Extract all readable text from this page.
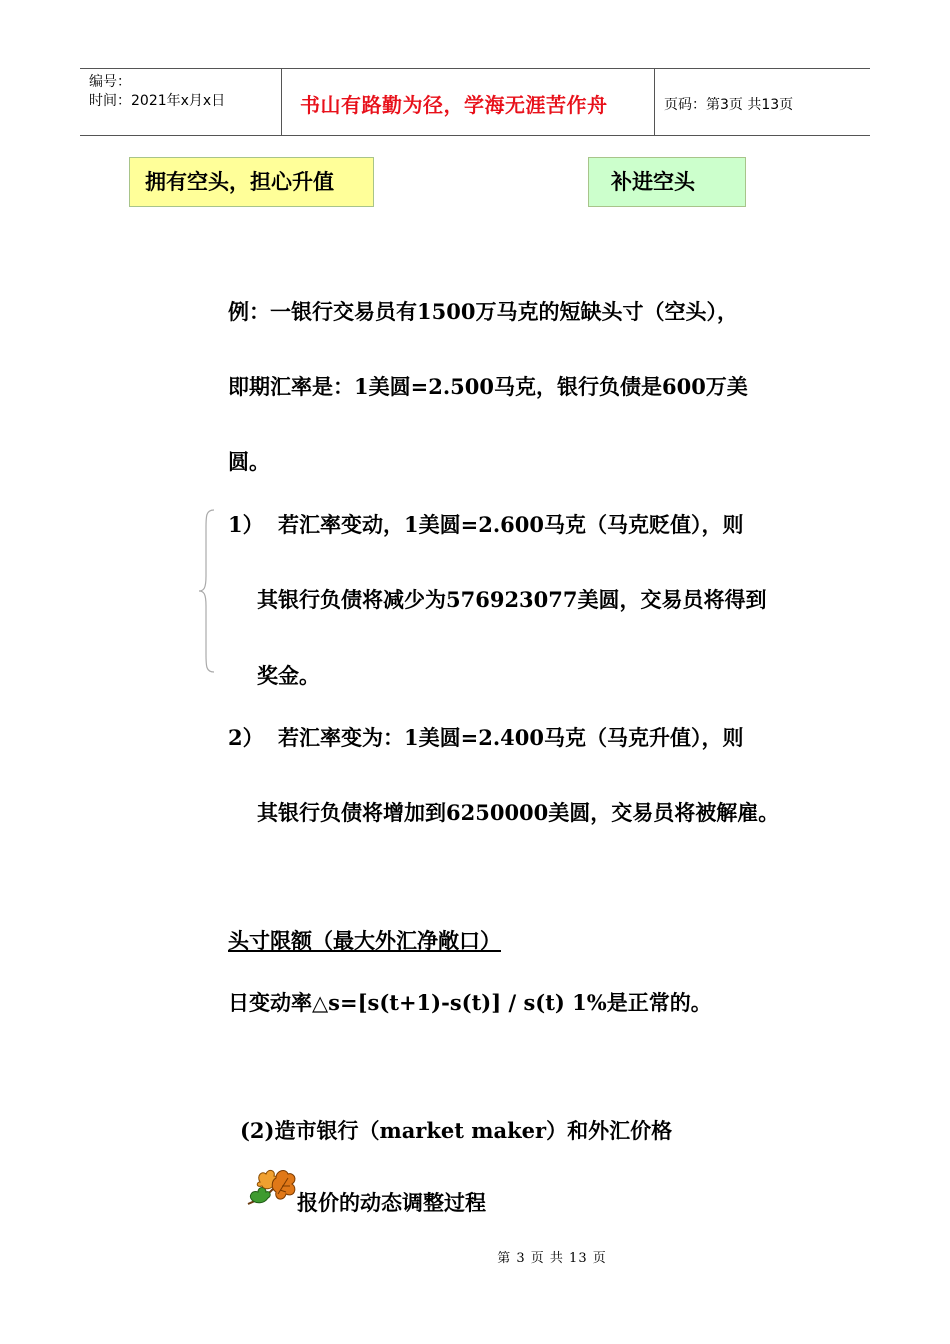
编号：
时间：2021年x月x日	书山有路勤为径，学海无涯苦作舟	页码：第3页 共13页
拥有空头，担心升值	补进空头
例：一银行交易员有1500万马克的短缺头寸（空头），
即期汇率是：1美圆=2.500马克，银行负债是600万美
圆。
1） 若汇率变动，1美圆=2.600马克（马克贬值），则
其银行负债将减少为576923077美圆，交易员将得到
奖金。
2） 若汇率变为：1美圆=2.400马克（马克升值），则
其银行负债将增加到6250000美圆，交易员将被解雇。
头寸限额（最大外汇净敞口）
日变动率△s=[s(t+1)-s(t)] / s(t) 1%是正常的。
(2)造市银行（market maker）和外汇价格
报价的动态调整过程
第 3 页 共 13 页
